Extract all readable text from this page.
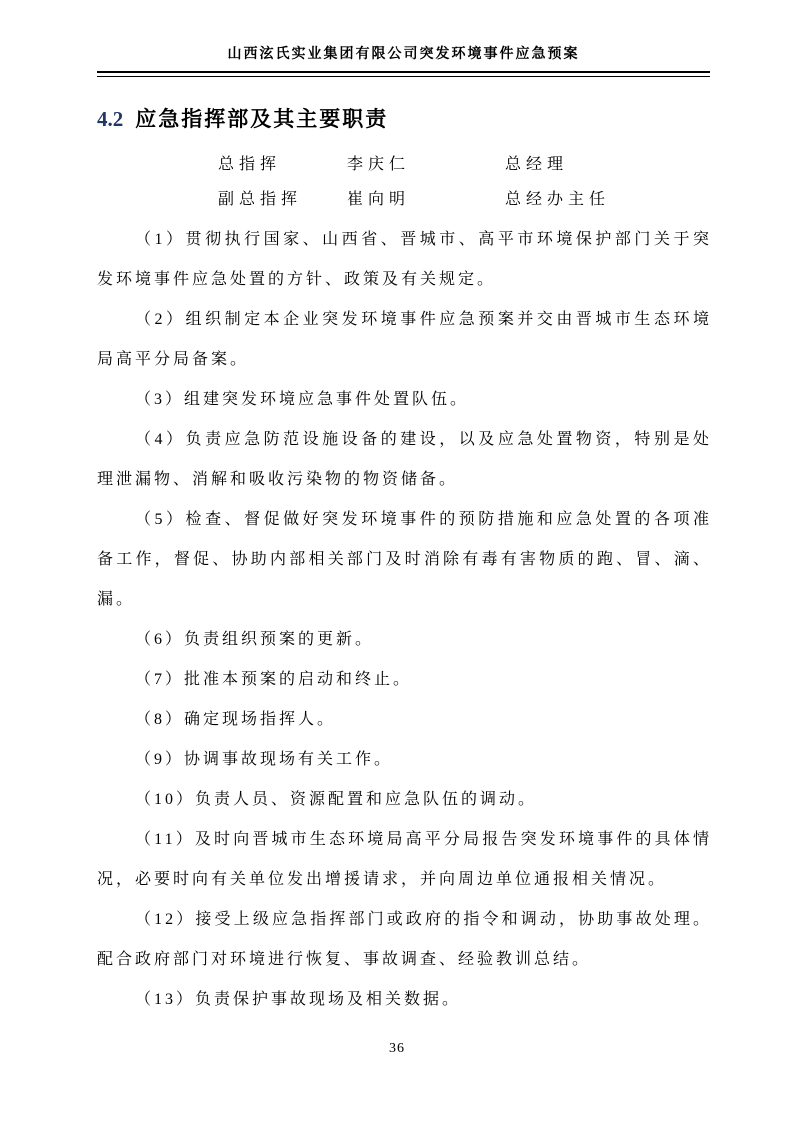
山西泫氏实业集团有限公司突发环境事件应急预案
4.2 应急指挥部及其主要职责
总指挥	李庆仁	总经理
副总指挥	崔向明	总经办主任

（1）贯彻执行国家、山西省、晋城市、高平市环境保护部门关于突发环境事件应急处置的方针、政策及有关规定。

（2）组织制定本企业突发环境事件应急预案并交由晋城市生态环境局高平分局备案。

（3）组建突发环境应急事件处置队伍。

（4）负责应急防范设施设备的建设，以及应急处置物资，特别是处理泄漏物、消解和吸收污染物的物资储备。

（5）检查、督促做好突发环境事件的预防措施和应急处置的各项准备工作，督促、协助内部相关部门及时消除有毒有害物质的跑、冒、滴、漏。

（6）负责组织预案的更新。

（7）批准本预案的启动和终止。

（8）确定现场指挥人。

（9）协调事故现场有关工作。

（10）负责人员、资源配置和应急队伍的调动。

（11）及时向晋城市生态环境局高平分局报告突发环境事件的具体情况，必要时向有关单位发出增援请求，并向周边单位通报相关情况。

（12）接受上级应急指挥部门或政府的指令和调动，协助事故处理。配合政府部门对环境进行恢复、事故调查、经验教训总结。

（13）负责保护事故现场及相关数据。

36
